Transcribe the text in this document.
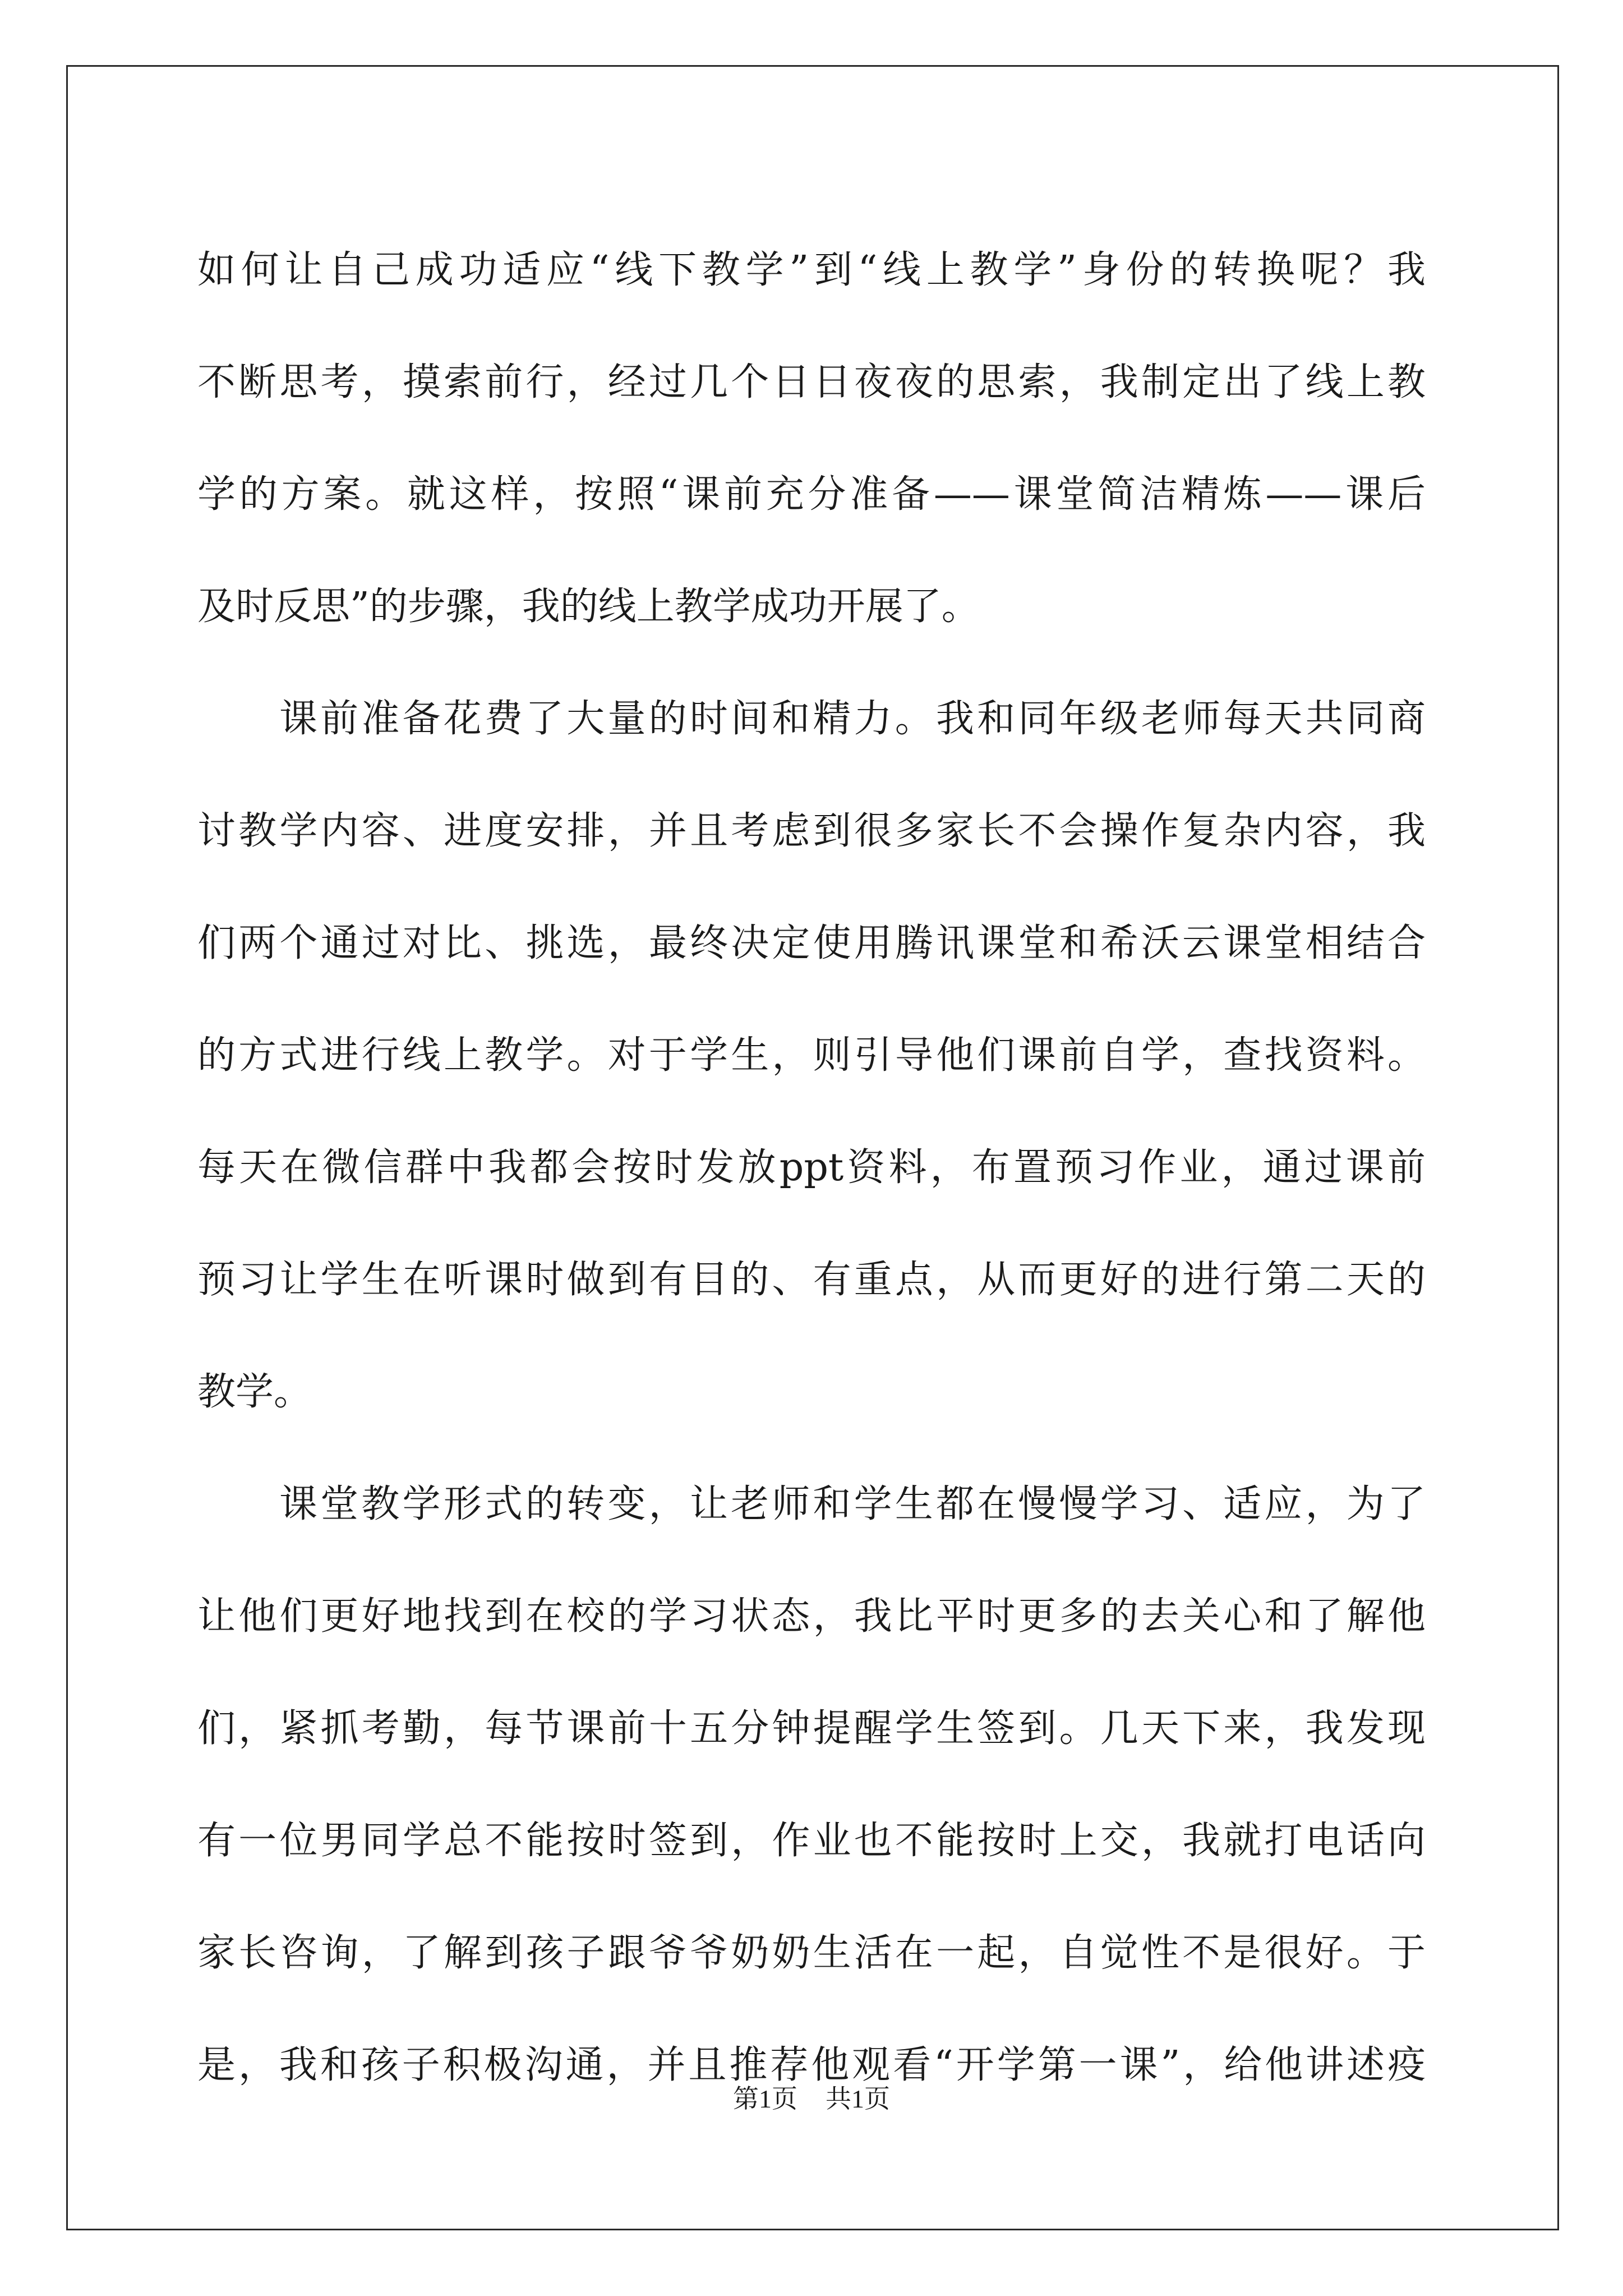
如何让自己成功适应“线下教学”到“线上教学”身份的转换呢？我
不断思考，摸索前行，经过几个日日夜夜的思索，我制定出了线上教
学的方案。就这样，按照“课前充分准备——课堂简洁精炼——课后
及时反思”的步骤，我的线上教学成功开展了。
课前准备花费了大量的时间和精力。我和同年级老师每天共同商
讨教学内容、进度安排，并且考虑到很多家长不会操作复杂内容，我
们两个通过对比、挑选，最终决定使用腾讯课堂和希沃云课堂相结合
的方式进行线上教学。对于学生，则引导他们课前自学，查找资料。
每天在微信群中我都会按时发放ppt资料，布置预习作业，通过课前
预习让学生在听课时做到有目的、有重点，从而更好的进行第二天的
教学。
课堂教学形式的转变，让老师和学生都在慢慢学习、适应，为了
让他们更好地找到在校的学习状态，我比平时更多的去关心和了解他
们，紧抓考勤，每节课前十五分钟提醒学生签到。几天下来，我发现
有一位男同学总不能按时签到，作业也不能按时上交，我就打电话向
家长咨询，了解到孩子跟爷爷奶奶生活在一起，自觉性不是很好。于
是，我和孩子积极沟通，并且推荐他观看“开学第一课”，给他讲述疫
第1页 共1页
